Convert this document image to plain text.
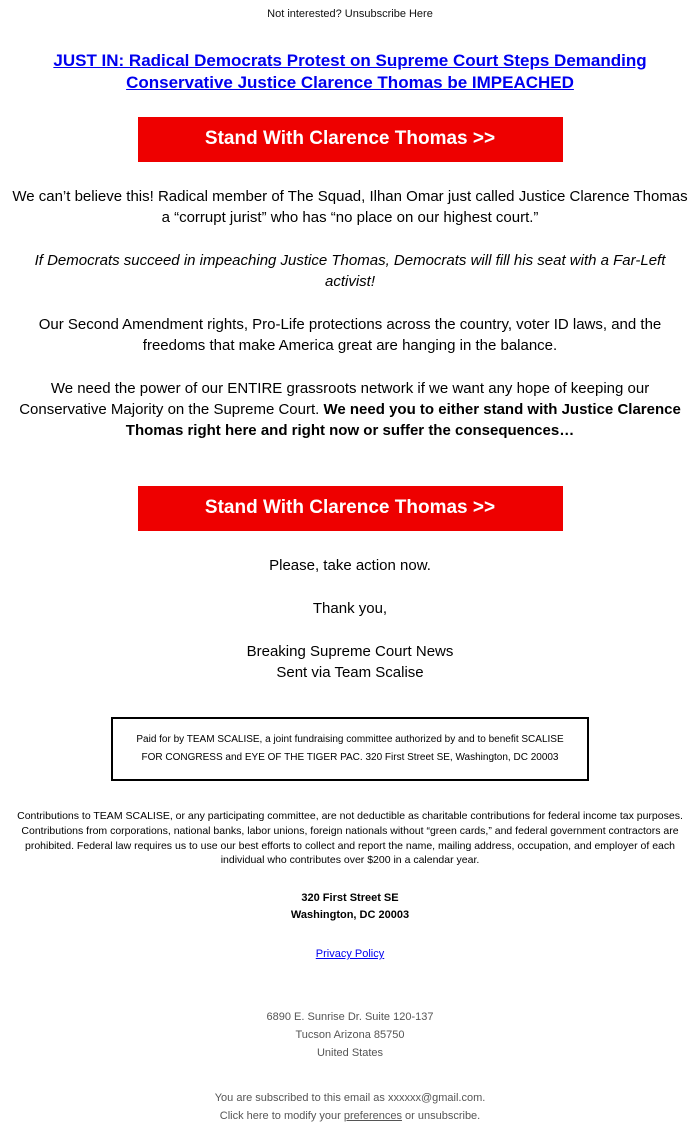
Not interested? Unsubscribe Here

JUST IN: Radical Democrats Protest on Supreme Court Steps Demanding Conservative Justice Clarence Thomas be IMPEACHED
Stand With Clarence Thomas >>

We can’t believe this! Radical member of The Squad, Ilhan Omar just called Justice Clarence Thomas a “corrupt jurist” who has “no place on our highest court.”

If Democrats succeed in impeaching Justice Thomas, Democrats will fill his seat with a Far-Left activist!

Our Second Amendment rights, Pro-Life protections across the country, voter ID laws, and the freedoms that make America great are hanging in the balance.

We need the power of our ENTIRE grassroots network if we want any hope of keeping our Conservative Majority on the Supreme Court. We need you to either stand with Justice Clarence Thomas right here and right now or suffer the consequences…

Stand With Clarence Thomas >>

Please, take action now.

Thank you,

Breaking Supreme Court News
Sent via Team Scalise

Paid for by TEAM SCALISE, a joint fundraising committee authorized by and to benefit SCALISE FOR CONGRESS and EYE OF THE TIGER PAC. 320 First Street SE, Washington, DC 20003

Contributions to TEAM SCALISE, or any participating committee, are not deductible as charitable contributions for federal income tax purposes. Contributions from corporations, national banks, labor unions, foreign nationals without “green cards,” and federal government contractors are prohibited. Federal law requires us to use our best efforts to collect and report the name, mailing address, occupation, and employer of each individual who contributes over $200 in a calendar year.

320 First Street SE
Washington, DC 20003

Privacy Policy

6890 E. Sunrise Dr. Suite 120-137
Tucson Arizona 85750
United States
You are subscribed to this email as xxxxxx@gmail.com.
Click here to modify your preferences or unsubscribe.
